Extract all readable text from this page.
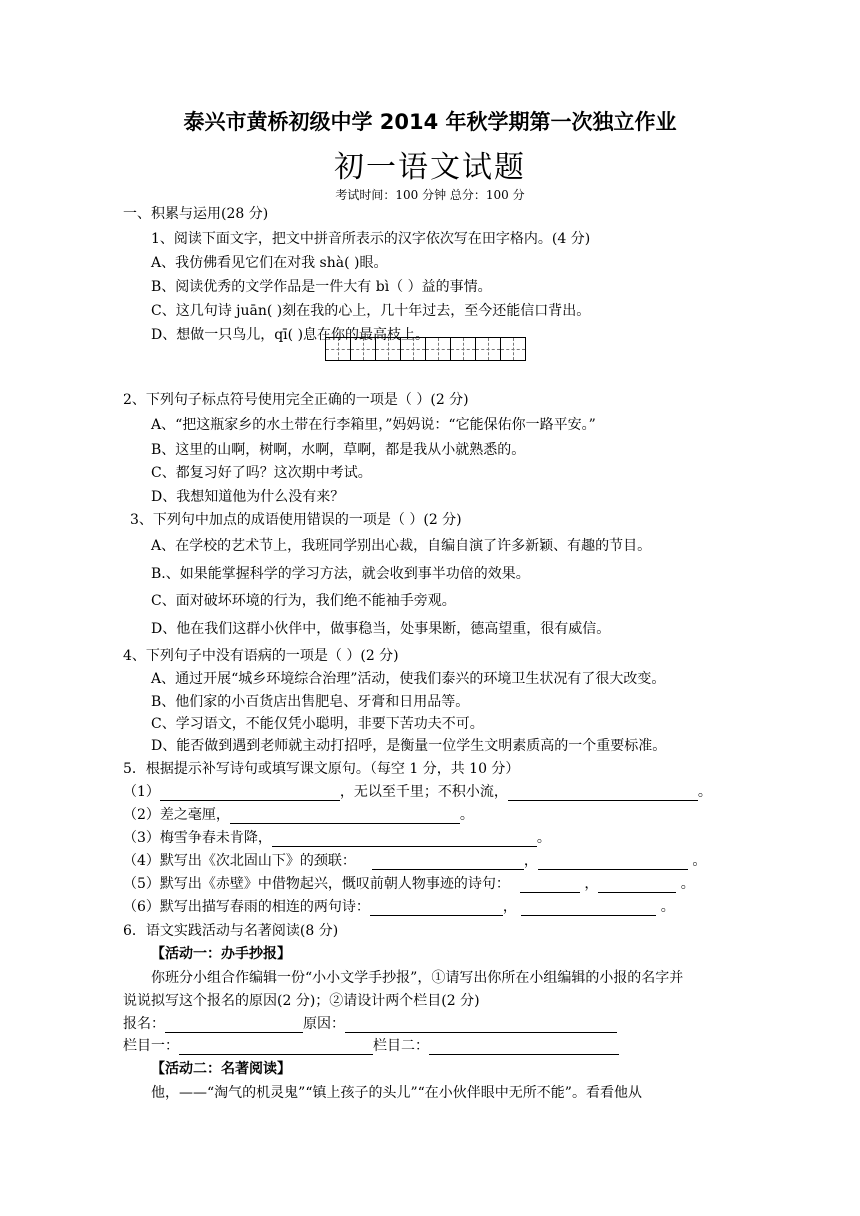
泰兴市黄桥初级中学 2014 年秋学期第一次独立作业
初一语文试题
考试时间：100 分钟 总分：100 分
一、积累与运用(28 分)
1、阅读下面文字，把文中拼音所表示的汉字依次写在田字格内。(4 分)
A、我仿佛看见它们在对我 shà( )眼。
B、阅读优秀的文学作品是一件大有 bì（ ）益的事情。
C、这几句诗 juān( )刻在我的心上，几十年过去，至今还能信口背出。
D、想做一只鸟儿，qī( )息在你的最高枝上。

2、下列句子标点符号使用完全正确的一项是（ ）(2 分)
A、“把这瓶家乡的水土带在行李箱里，”妈妈说：“它能保佑你一路平安。”
B、这里的山啊，树啊，水啊，草啊，都是我从小就熟悉的。
C、都复习好了吗？这次期中考试。
D、我想知道他为什么没有来？
3、下列句中加点的成语使用错误的一项是（ ）(2 分)
A、在学校的艺术节上，我班同学别出心裁，自编自演了许多新颖、有趣的节目。
B.、如果能掌握科学的学习方法，就会收到事半功倍的效果。
C、面对破坏环境的行为，我们绝不能袖手旁观。
D、他在我们这群小伙伴中，做事稳当，处事果断，德高望重，很有威信。
4、下列句子中没有语病的一项是（ ）(2 分)
A、通过开展“城乡环境综合治理”活动，使我们泰兴的环境卫生状况有了很大改变。
B、他们家的小百货店出售肥皂、牙膏和日用品等。
C、学习语文，不能仅凭小聪明，非要下苦功夫不可。
D、能否做到遇到老师就主动打招呼，是衡量一位学生文明素质高的一个重要标准。
5．根据提示补写诗句或填写课文原句。（每空 1 分，共 10 分）
（1）	，无以至千里；不积小流，	。
（2）差之毫厘，	。
（3）梅雪争春未肯降，	。
（4）默写出《次北固山下》的颈联：	，	。
（5）默写出《赤壁》中借物起兴，慨叹前朝人物事迹的诗句：	，	。
（6）默写出描写春雨的相连的两句诗：	，	。
6．语文实践活动与名著阅读(8 分)
【活动一：办手抄报】
你班分小组合作编辑一份“小小文学手抄报”，①请写出你所在小组编辑的小报的名字并
说说拟写这个报名的原因(2 分)；②请设计两个栏目(2 分)
报名：	原因：
栏目一：	栏目二：
【活动二：名著阅读】
他，——“淘气的机灵鬼”“镇上孩子的头儿”“在小伙伴眼中无所不能”。看看他从
